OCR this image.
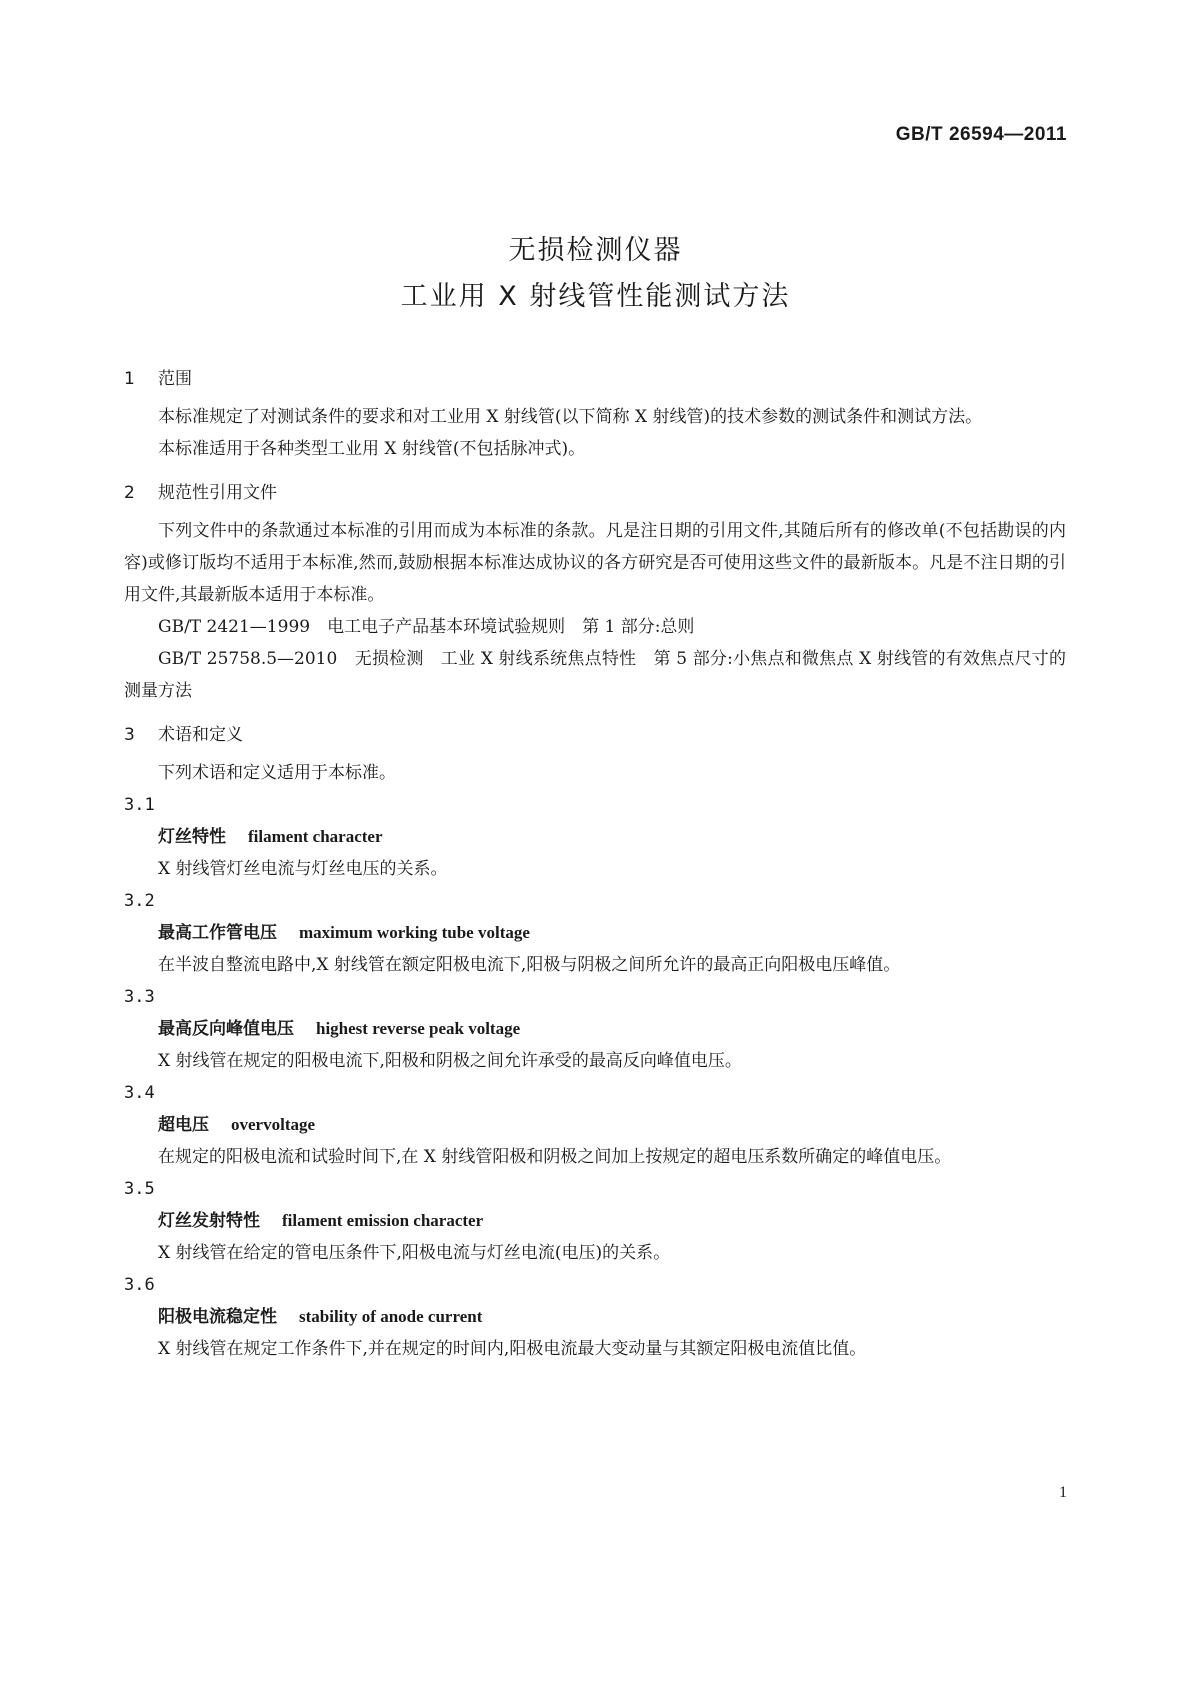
GB/T 26594—2011
无损检测仪器
工业用 X 射线管性能测试方法
1 范围

本标准规定了对测试条件的要求和对工业用 X 射线管(以下简称 X 射线管)的技术参数的测试条件和测试方法。

本标准适用于各种类型工业用 X 射线管(不包括脉冲式)。

2 规范性引用文件

下列文件中的条款通过本标准的引用而成为本标准的条款。凡是注日期的引用文件,其随后所有的修改单(不包括勘误的内容)或修订版均不适用于本标准,然而,鼓励根据本标准达成协议的各方研究是否可使用这些文件的最新版本。凡是不注日期的引用文件,其最新版本适用于本标准。

GB/T 2421—1999　电工电子产品基本环境试验规则　第 1 部分:总则

GB/T 25758.5—2010　无损检测　工业 X 射线系统焦点特性　第 5 部分:小焦点和微焦点 X 射线管的有效焦点尺寸的测量方法

3 术语和定义

下列术语和定义适用于本标准。

3.1
灯丝特性 filament character

X 射线管灯丝电流与灯丝电压的关系。

3.2
最高工作管电压 maximum working tube voltage

在半波自整流电路中,X 射线管在额定阳极电流下,阳极与阴极之间所允许的最高正向阳极电压峰值。

3.3
最高反向峰值电压 highest reverse peak voltage

X 射线管在规定的阳极电流下,阳极和阴极之间允许承受的最高反向峰值电压。

3.4
超电压 overvoltage

在规定的阳极电流和试验时间下,在 X 射线管阳极和阴极之间加上按规定的超电压系数所确定的峰值电压。

3.5
灯丝发射特性 filament emission character

X 射线管在给定的管电压条件下,阳极电流与灯丝电流(电压)的关系。

3.6
阳极电流稳定性 stability of anode current

X 射线管在规定工作条件下,并在规定的时间内,阳极电流最大变动量与其额定阳极电流值比值。

1
